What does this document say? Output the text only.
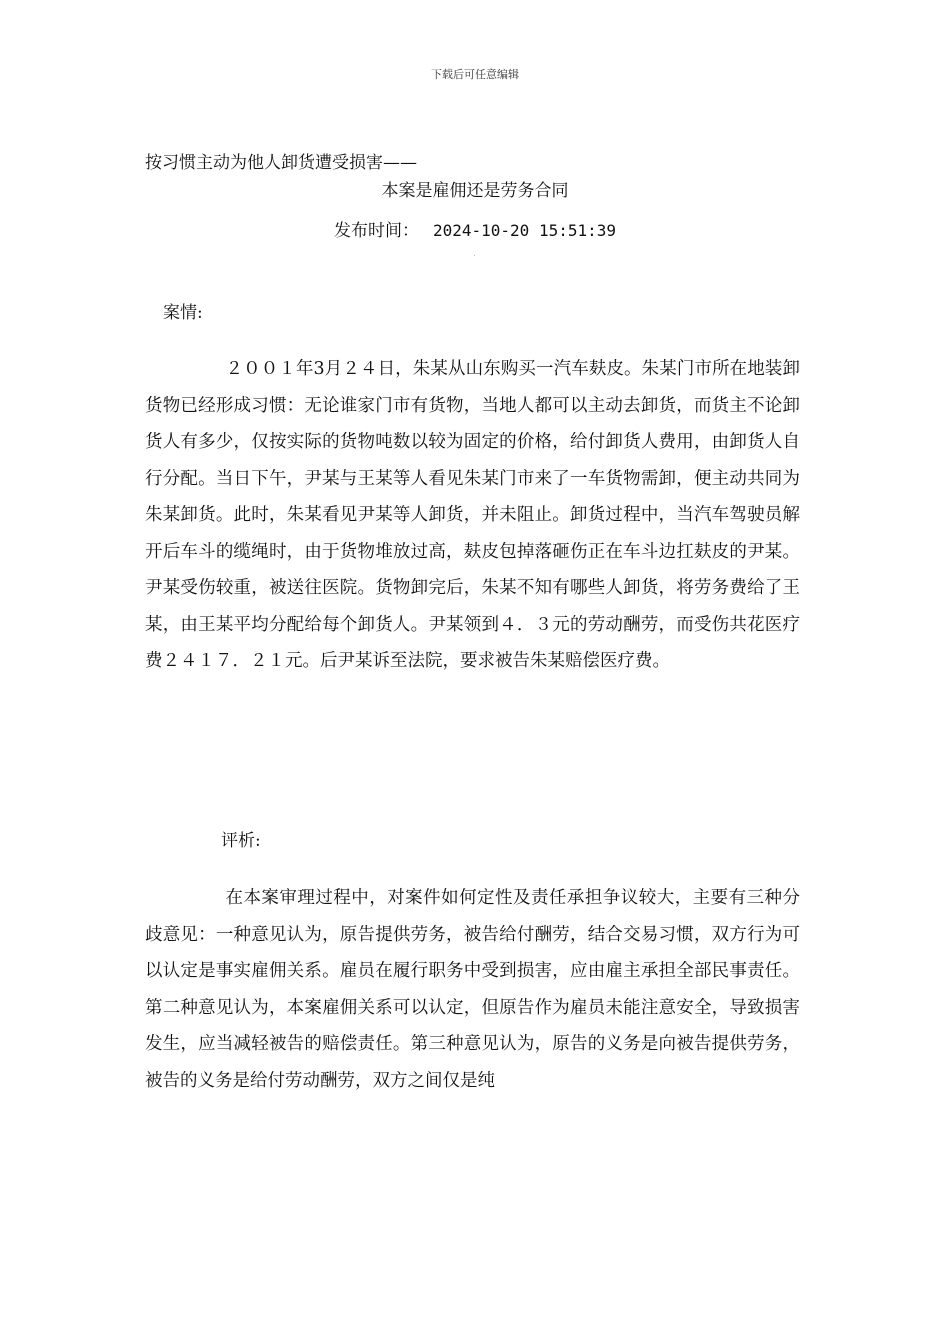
下载后可任意编辑
按习惯主动为他人卸货遭受损害——
本案是雇佣还是劳务合同
发布时间： 2024-10-20 15:51:39
案情:

２００１年3月２４日，朱某从山东购买一汽车麸皮。朱某门市所在地装卸货物已经形成习惯：无论谁家门市有货物，当地人都可以主动去卸货，而货主不论卸货人有多少，仅按实际的货物吨数以较为固定的价格，给付卸货人费用，由卸货人自行分配。当日下午，尹某与王某等人看见朱某门市来了一车货物需卸，便主动共同为朱某卸货。此时，朱某看见尹某等人卸货，并未阻止。卸货过程中，当汽车驾驶员解开后车斗的缆绳时，由于货物堆放过高，麸皮包掉落砸伤正在车斗边扛麸皮的尹某。尹某受伤较重，被送往医院。货物卸完后，朱某不知有哪些人卸货，将劳务费给了王某，由王某平均分配给每个卸货人。尹某领到４．３元的劳动酬劳，而受伤共花医疗费２４１７．２１元。后尹某诉至法院，要求被告朱某赔偿医疗费。

评析:

在本案审理过程中，对案件如何定性及责任承担争议较大，主要有三种分歧意见：一种意见认为，原告提供劳务，被告给付酬劳，结合交易习惯，双方行为可以认定是事实雇佣关系。雇员在履行职务中受到损害，应由雇主承担全部民事责任。第二种意见认为，本案雇佣关系可以认定，但原告作为雇员未能注意安全，导致损害发生，应当减轻被告的赔偿责任。第三种意见认为，原告的义务是向被告提供劳务，被告的义务是给付劳动酬劳，双方之间仅是纯
